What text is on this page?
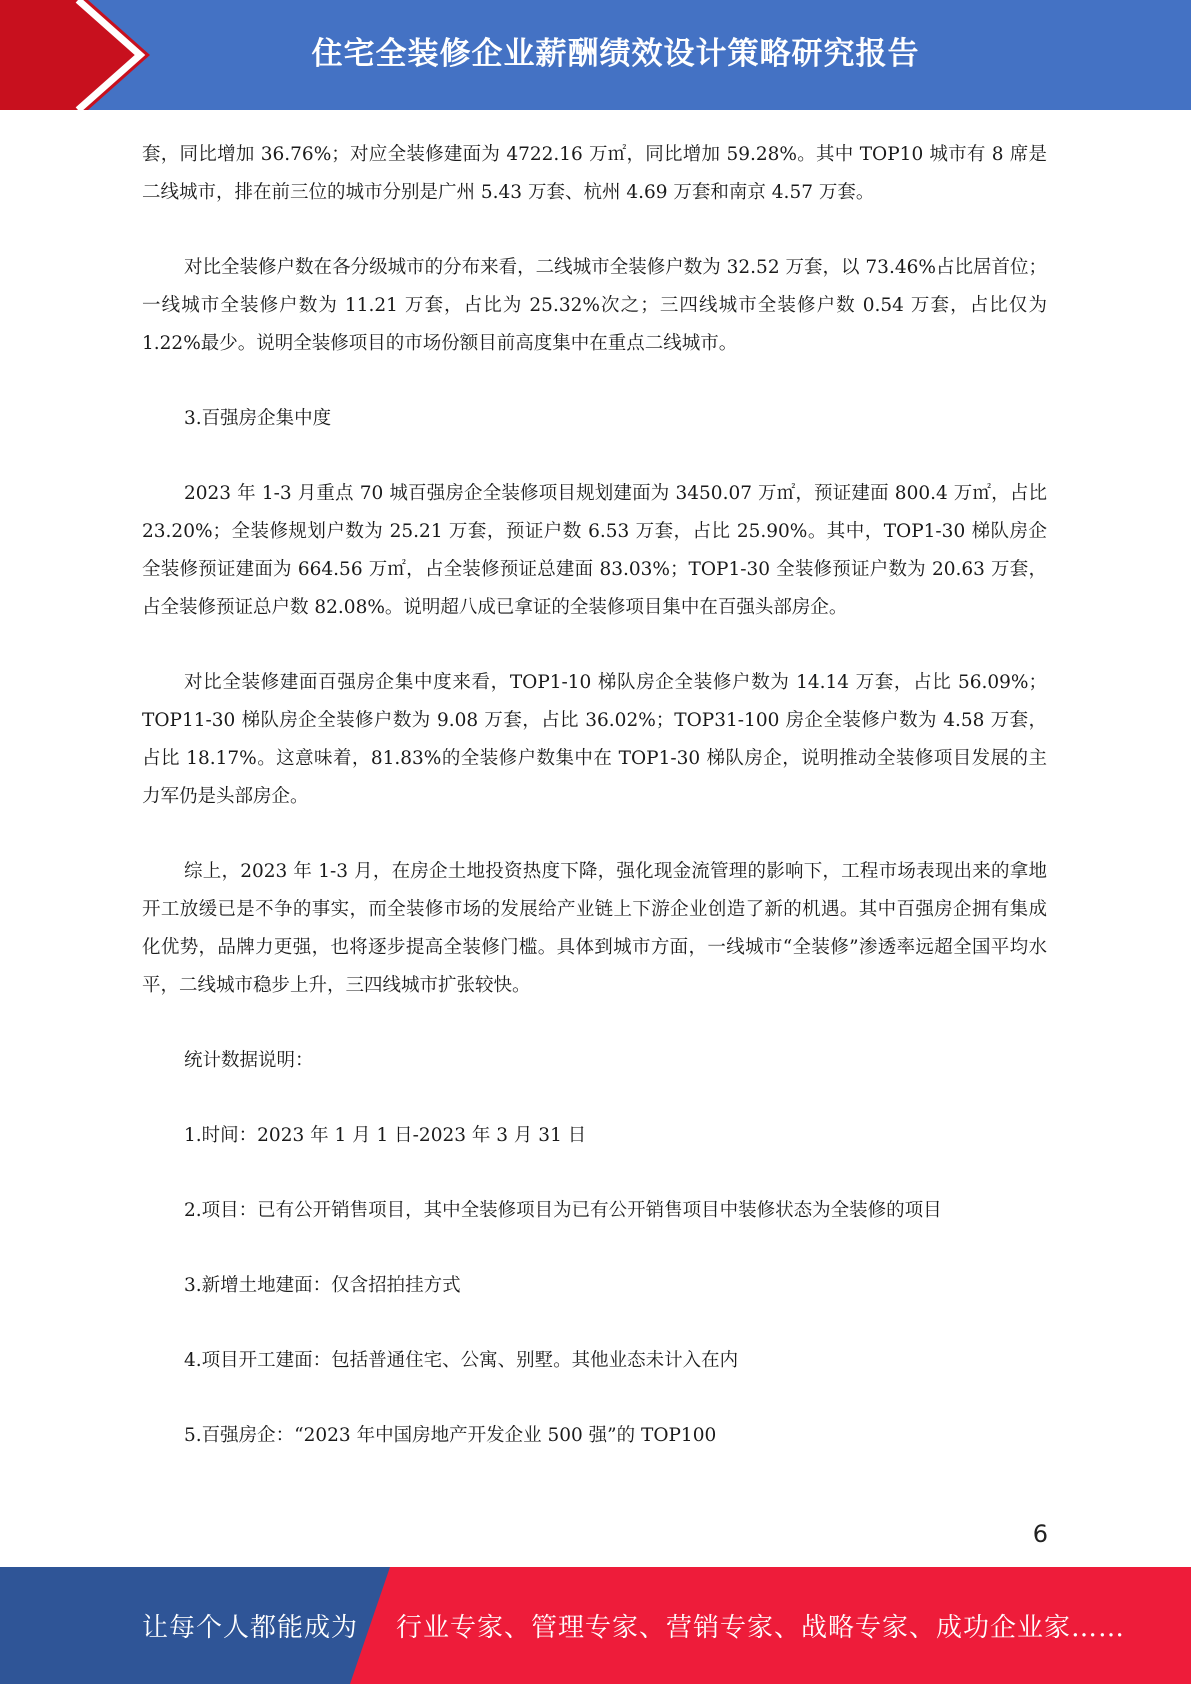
住宅全装修企业薪酬绩效设计策略研究报告

套，同比增加 36.76%；对应全装修建面为 4722.16 万㎡，同比增加 59.28%。其中 TOP10 城市有 8 席是二线城市，排在前三位的城市分别是广州 5.43 万套、杭州 4.69 万套和南京 4.57 万套。

对比全装修户数在各分级城市的分布来看，二线城市全装修户数为 32.52 万套，以 73.46%占比居首位；一线城市全装修户数为 11.21 万套，占比为 25.32%次之；三四线城市全装修户数 0.54 万套，占比仅为 1.22%最少。说明全装修项目的市场份额目前高度集中在重点二线城市。

3.百强房企集中度

2023 年 1-3 月重点 70 城百强房企全装修项目规划建面为 3450.07 万㎡，预证建面 800.4 万㎡，占比 23.20%；全装修规划户数为 25.21 万套，预证户数 6.53 万套，占比 25.90%。其中，TOP1-30 梯队房企全装修预证建面为 664.56 万㎡，占全装修预证总建面 83.03%；TOP1-30 全装修预证户数为 20.63 万套，占全装修预证总户数 82.08%。说明超八成已拿证的全装修项目集中在百强头部房企。

对比全装修建面百强房企集中度来看，TOP1-10 梯队房企全装修户数为 14.14 万套，占比 56.09%；TOP11-30 梯队房企全装修户数为 9.08 万套，占比 36.02%；TOP31-100 房企全装修户数为 4.58 万套，占比 18.17%。这意味着，81.83%的全装修户数集中在 TOP1-30 梯队房企，说明推动全装修项目发展的主力军仍是头部房企。

综上，2023 年 1-3 月，在房企土地投资热度下降，强化现金流管理的影响下，工程市场表现出来的拿地开工放缓已是不争的事实，而全装修市场的发展给产业链上下游企业创造了新的机遇。其中百强房企拥有集成化优势，品牌力更强，也将逐步提高全装修门槛。具体到城市方面，一线城市“全装修”渗透率远超全国平均水平，二线城市稳步上升，三四线城市扩张较快。

统计数据说明：

1.时间：2023 年 1 月 1 日-2023 年 3 月 31 日

2.项目：已有公开销售项目，其中全装修项目为已有公开销售项目中装修状态为全装修的项目

3.新增土地建面：仅含招拍挂方式

4.项目开工建面：包括普通住宅、公寓、别墅。其他业态未计入在内

5.百强房企：“2023 年中国房地产开发企业 500 强”的 TOP100

6
让每个人都能成为 行业专家、管理专家、营销专家、战略专家、成功企业家……
